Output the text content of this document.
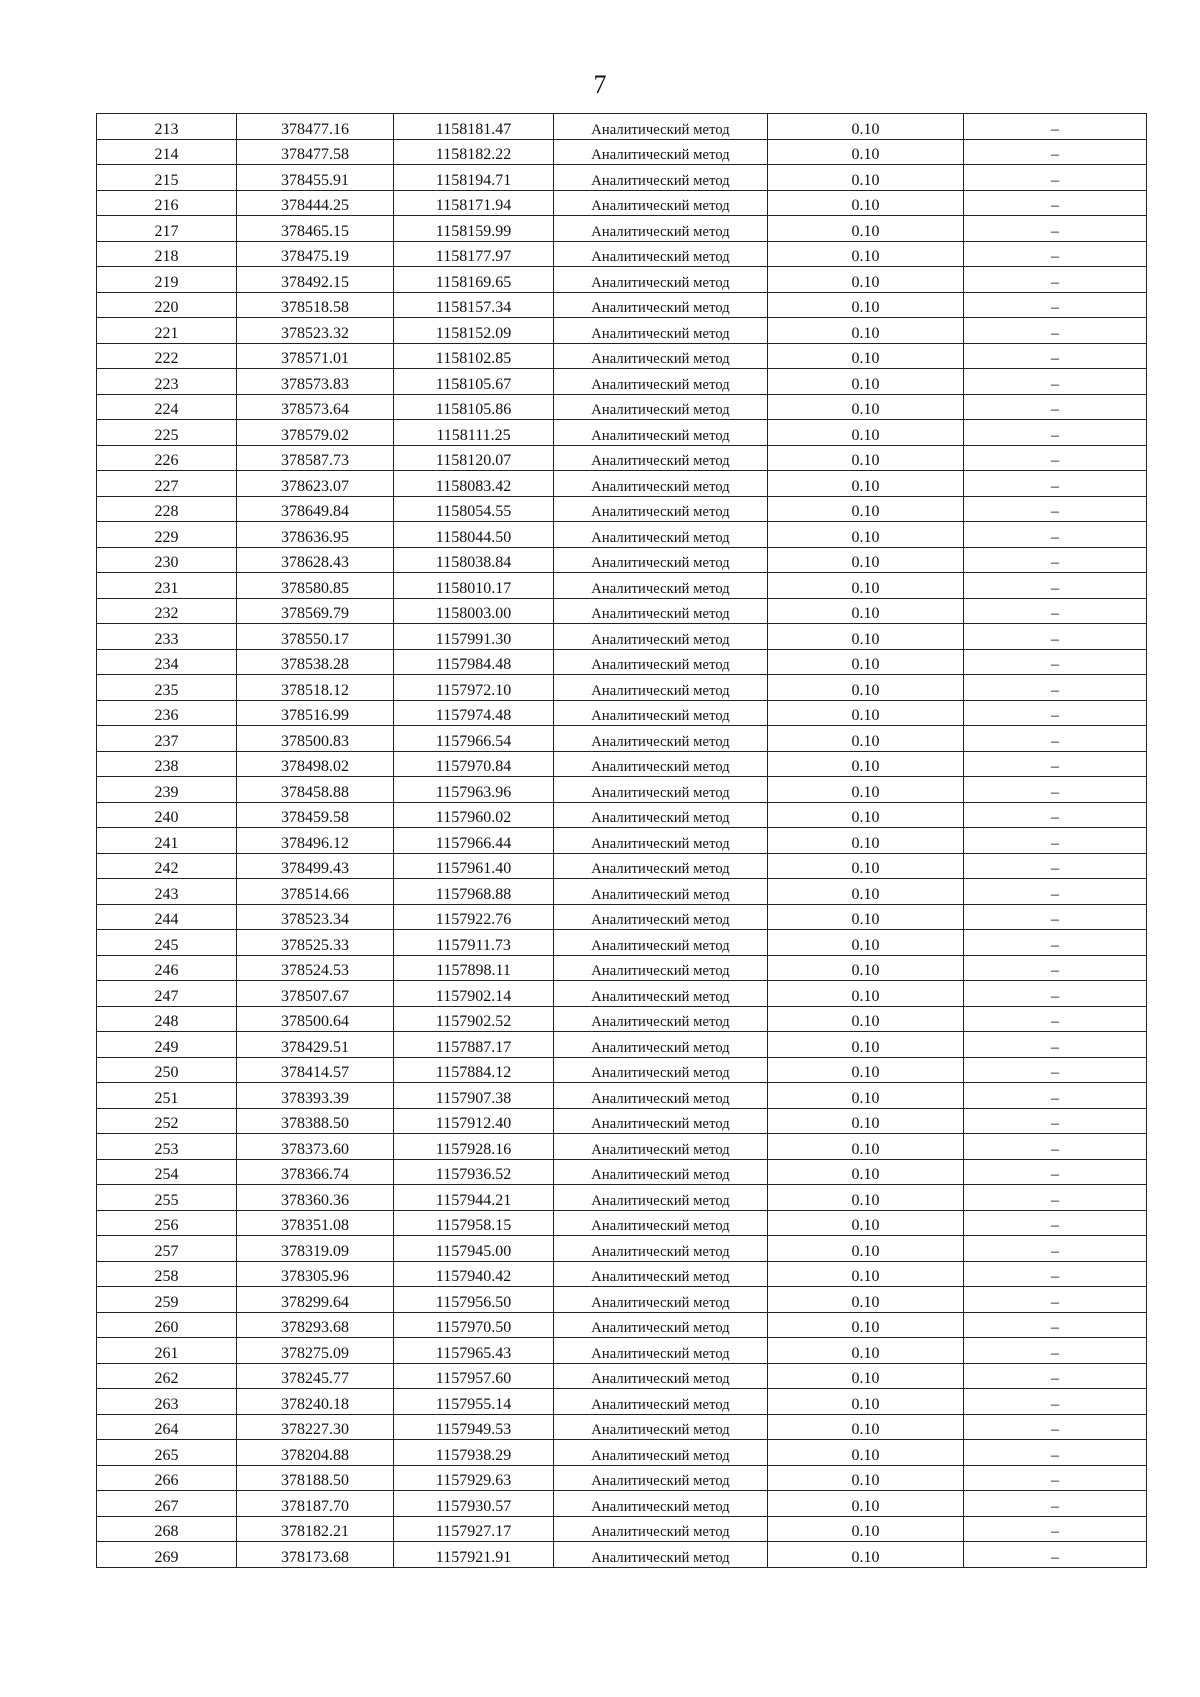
7
213	378477.16	1158181.47	Аналитический метод	0.10	–
214	378477.58	1158182.22	Аналитический метод	0.10	–
215	378455.91	1158194.71	Аналитический метод	0.10	–
216	378444.25	1158171.94	Аналитический метод	0.10	–
217	378465.15	1158159.99	Аналитический метод	0.10	–
218	378475.19	1158177.97	Аналитический метод	0.10	–
219	378492.15	1158169.65	Аналитический метод	0.10	–
220	378518.58	1158157.34	Аналитический метод	0.10	–
221	378523.32	1158152.09	Аналитический метод	0.10	–
222	378571.01	1158102.85	Аналитический метод	0.10	–
223	378573.83	1158105.67	Аналитический метод	0.10	–
224	378573.64	1158105.86	Аналитический метод	0.10	–
225	378579.02	1158111.25	Аналитический метод	0.10	–
226	378587.73	1158120.07	Аналитический метод	0.10	–
227	378623.07	1158083.42	Аналитический метод	0.10	–
228	378649.84	1158054.55	Аналитический метод	0.10	–
229	378636.95	1158044.50	Аналитический метод	0.10	–
230	378628.43	1158038.84	Аналитический метод	0.10	–
231	378580.85	1158010.17	Аналитический метод	0.10	–
232	378569.79	1158003.00	Аналитический метод	0.10	–
233	378550.17	1157991.30	Аналитический метод	0.10	–
234	378538.28	1157984.48	Аналитический метод	0.10	–
235	378518.12	1157972.10	Аналитический метод	0.10	–
236	378516.99	1157974.48	Аналитический метод	0.10	–
237	378500.83	1157966.54	Аналитический метод	0.10	–
238	378498.02	1157970.84	Аналитический метод	0.10	–
239	378458.88	1157963.96	Аналитический метод	0.10	–
240	378459.58	1157960.02	Аналитический метод	0.10	–
241	378496.12	1157966.44	Аналитический метод	0.10	–
242	378499.43	1157961.40	Аналитический метод	0.10	–
243	378514.66	1157968.88	Аналитический метод	0.10	–
244	378523.34	1157922.76	Аналитический метод	0.10	–
245	378525.33	1157911.73	Аналитический метод	0.10	–
246	378524.53	1157898.11	Аналитический метод	0.10	–
247	378507.67	1157902.14	Аналитический метод	0.10	–
248	378500.64	1157902.52	Аналитический метод	0.10	–
249	378429.51	1157887.17	Аналитический метод	0.10	–
250	378414.57	1157884.12	Аналитический метод	0.10	–
251	378393.39	1157907.38	Аналитический метод	0.10	–
252	378388.50	1157912.40	Аналитический метод	0.10	–
253	378373.60	1157928.16	Аналитический метод	0.10	–
254	378366.74	1157936.52	Аналитический метод	0.10	–
255	378360.36	1157944.21	Аналитический метод	0.10	–
256	378351.08	1157958.15	Аналитический метод	0.10	–
257	378319.09	1157945.00	Аналитический метод	0.10	–
258	378305.96	1157940.42	Аналитический метод	0.10	–
259	378299.64	1157956.50	Аналитический метод	0.10	–
260	378293.68	1157970.50	Аналитический метод	0.10	–
261	378275.09	1157965.43	Аналитический метод	0.10	–
262	378245.77	1157957.60	Аналитический метод	0.10	–
263	378240.18	1157955.14	Аналитический метод	0.10	–
264	378227.30	1157949.53	Аналитический метод	0.10	–
265	378204.88	1157938.29	Аналитический метод	0.10	–
266	378188.50	1157929.63	Аналитический метод	0.10	–
267	378187.70	1157930.57	Аналитический метод	0.10	–
268	378182.21	1157927.17	Аналитический метод	0.10	–
269	378173.68	1157921.91	Аналитический метод	0.10	–
